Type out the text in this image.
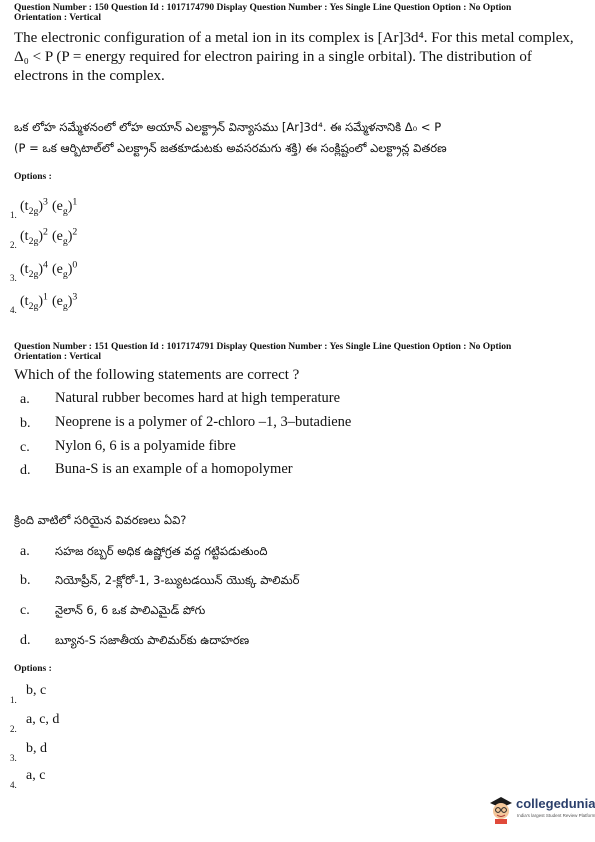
Question Number : 150 Question Id : 1017174790 Display Question Number : Yes Single Line Question Option : No Option
Orientation : Vertical
The electronic configuration of a metal ion in its complex is [Ar]3d⁴. For this metal complex, Δ₀ < P (P = energy required for electron pairing in a single orbital). The distribution of electrons in the complex.
ఒక లోహ సమ్మేళనంలో లోహ అయాన్ ఎలక్ట్రాన్ విన్యాసము [Ar]3d⁴. ఈ సమ్మేళనానికి Δ₀ < P
(P = ఒక ఆర్బిటాల్‌లో ఎలక్ట్రాన్ జతకూడుటకు అవసరమగు శక్తి) ఈ సంక్లిష్టంలో ఎలక్ట్రాన్ల వితరణ
Options :
1.
$(t_{2g})^3$ $(e_g)^1$
2.
$(t_{2g})^2$ $(e_g)^2$
3.
$(t_{2g})^4$ $(e_g)^0$
4.
$(t_{2g})^1$ $(e_g)^3$
Question Number : 151 Question Id : 1017174791 Display Question Number : Yes Single Line Question Option : No Option
Orientation : Vertical
Which of the following statements are correct ?
a. Natural rubber becomes hard at high temperature
b. Neoprene is a polymer of 2-chloro –1, 3–butadiene
c. Nylon 6, 6 is a polyamide fibre
d. Buna-S is an example of a homopolymer
క్రింది వాటిలో సరియైన వివరణలు ఏవి?
a. సహజ రబ్బర్ అధిక ఉష్ణోగ్రత వద్ద గట్టిపడుతుంది
b. నియోప్రీన్, 2-క్లోరో-1, 3-బ్యుటడయిన్ యొక్క పాలిమర్
c. నైలాన్ 6, 6 ఒక పాలిఎమైడ్ పోగు
d. బ్యూన-S సజాతీయ పాలిమర్‌కు ఉదాహరణ
Options :
1.
b, c
2.
a, c, d
3.
b, d
4.
a, c
collegedunia
India's largest Student Review Platform
